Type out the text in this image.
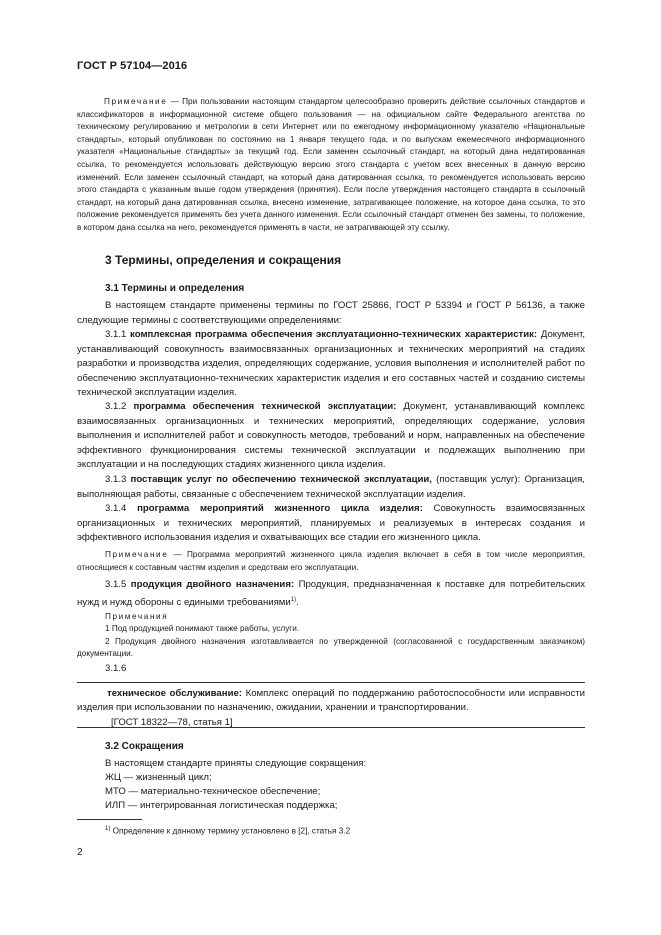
ГОСТ Р 57104—2016
Примечание — При пользовании настоящим стандартом целесообразно проверить действие ссылочных стандартов и классификаторов в информационной системе общего пользования — на официальном сайте Федерального агентства по техническому регулированию и метрологии в сети Интернет или по ежегодному информационному указателю «Национальные стандарты», который опубликован по состоянию на 1 января текущего года, и по выпускам ежемесячного информационного указателя «Национальные стандарты» за текущий год. Если заменен ссылочный стандарт, на который дана недатированная ссылка, то рекомендуется использовать действующую версию этого стандарта с учетом всех внесенных в данную версию изменений. Если заменен ссылочный стандарт, на который дана датированная ссылка, то рекомендуется использовать версию этого стандарта с указанным выше годом утверждения (принятия). Если после утверждения настоящего стандарта в ссылочный стандарт, на который дана датированная ссылка, внесено изменение, затрагивающее положение, на которое дана ссылка, то это положение рекомендуется применять без учета данного изменения. Если ссылочный стандарт отменен без замены, то положение, в котором дана ссылка на него, рекомендуется применять в части, не затрагивающей эту ссылку.
3 Термины, определения и сокращения
3.1 Термины и определения
В настоящем стандарте применены термины по ГОСТ 25866, ГОСТ Р 53394 и ГОСТ Р 56136, а также следующие термины с соответствующими определениями:
3.1.1 комплексная программа обеспечения эксплуатационно-технических характеристик: Документ, устанавливающий совокупность взаимосвязанных организационных и технических мероприятий на стадиях разработки и производства изделия, определяющих содержание, условия выполнения и исполнителей работ по обеспечению эксплуатационно-технических характеристик изделия и его составных частей и созданию системы технической эксплуатации изделия.
3.1.2 программа обеспечения технической эксплуатации: Документ, устанавливающий комплекс взаимосвязанных организационных и технических мероприятий, определяющих содержание, условия выполнения и исполнителей работ и совокупность методов, требований и норм, направленных на обеспечение эффективного функционирования системы технической эксплуатации и подлежащих выполнению при эксплуатации и на последующих стадиях жизненного цикла изделия.
3.1.3 поставщик услуг по обеспечению технической эксплуатации, (поставщик услуг): Организация, выполняющая работы, связанные с обеспечением технической эксплуатации изделия.
3.1.4 программа мероприятий жизненного цикла изделия: Совокупность взаимосвязанных организационных и технических мероприятий, планируемых и реализуемых в интересах создания и эффективного использования изделия и охватывающих все стадии его жизненного цикла.
Примечание — Программа мероприятий жизненного цикла изделия включает в себя в том числе мероприятия, относящиеся к составным частям изделия и средствам его эксплуатации.
3.1.5 продукция двойного назначения: Продукция, предназначенная к поставке для потребительских нужд и нужд обороны с едиными требованиями$^{1)}$.
Примечания
1 Под продукцией понимают также работы, услуги.
2 Продукция двойного назначения изготавливается по утвержденной (согласованной с государственным заказчиком) документации.
3.1.6
техническое обслуживание: Комплекс операций по поддержанию работоспособности или исправности изделия при использовании по назначению, ожидании, хранении и транспортировании.
[ГОСТ 18322—78, статья 1]
3.2 Сокращения
В настоящем стандарте приняты следующие сокращения:
ЖЦ — жизненный цикл;
МТО — материально-техническое обеспечение;
ИЛП — интегрированная логистическая поддержка;
$^{1)}$ Определение к данному термину установлено в [2], статья 3.2
2
